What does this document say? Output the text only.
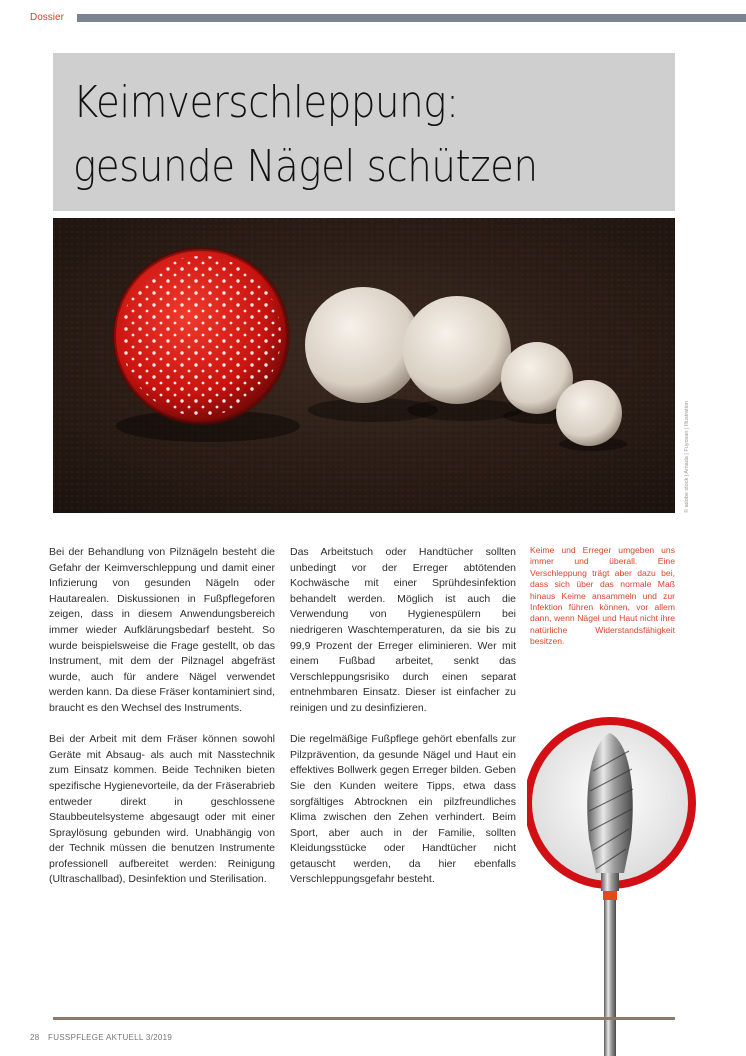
Dossier
Keimverschleppung:
gesunde Nägel schützen
© adobe stock | Amada | Fuyosan | Illustration

Bei der Behandlung von Pilznägeln besteht die Gefahr der Keimverschleppung und damit einer Infizierung von gesunden Nägeln oder Hautarealen. Diskussionen in Fußpflegeforen zeigen, dass in diesem Anwendungsbereich immer wieder Aufklärungsbedarf besteht. So wurde beispielsweise die Frage gestellt, ob das Instrument, mit dem der Pilznagel abgefräst wurde, auch für andere Nägel verwendet werden kann. Da diese Fräser kontaminiert sind, braucht es den Wechsel des Instruments.

Bei der Arbeit mit dem Fräser können sowohl Geräte mit Absaug- als auch mit Nasstechnik zum Einsatz kommen. Beide Techniken bieten spezifische Hygienevorteile, da der Fräserabrieb entweder direkt in geschlossene Staubbeutelsysteme abgesaugt oder mit einer Spraylösung gebunden wird. Unabhängig von der Technik müssen die benutzen Instrumente professionell aufbereitet werden: Reinigung (Ultraschallbad), Desinfektion und Sterilisation.

Das Arbeitstuch oder Handtücher sollten unbedingt vor der Erreger abtötenden Kochwäsche mit einer Sprühdesinfektion behandelt werden. Möglich ist auch die Verwendung von Hygienespülern bei niedrigeren Waschtemperaturen, da sie bis zu 99,9 Prozent der Erreger eliminieren. Wer mit einem Fußbad arbeitet, senkt das Verschleppungsrisiko durch einen separat entnehmbaren Einsatz. Dieser ist einfacher zu reinigen und zu desinfizieren.

Die regelmäßige Fußpflege gehört ebenfalls zur Pilzprävention, da gesunde Nägel und Haut ein effektives Bollwerk gegen Erreger bilden. Geben Sie den Kunden weitere Tipps, etwa dass sorgfältiges Abtrocknen ein pilzfreundliches Klima zwischen den Zehen verhindert. Beim Sport, aber auch in der Familie, sollten Kleidungsstücke oder Handtücher nicht getauscht werden, da hier ebenfalls Verschleppungsgefahr besteht.

Keime und Erreger umgeben uns immer und überall. Eine Verschleppung trägt aber dazu bei, dass sich über das normale Maß hinaus Keime ansammeln und zur Infektion führen können, vor allem dann, wenn Nägel und Haut nicht ihre natürliche Widerstandsfähigkeit besitzen.
28 FUSSPFLEGE AKTUELL 3/2019
